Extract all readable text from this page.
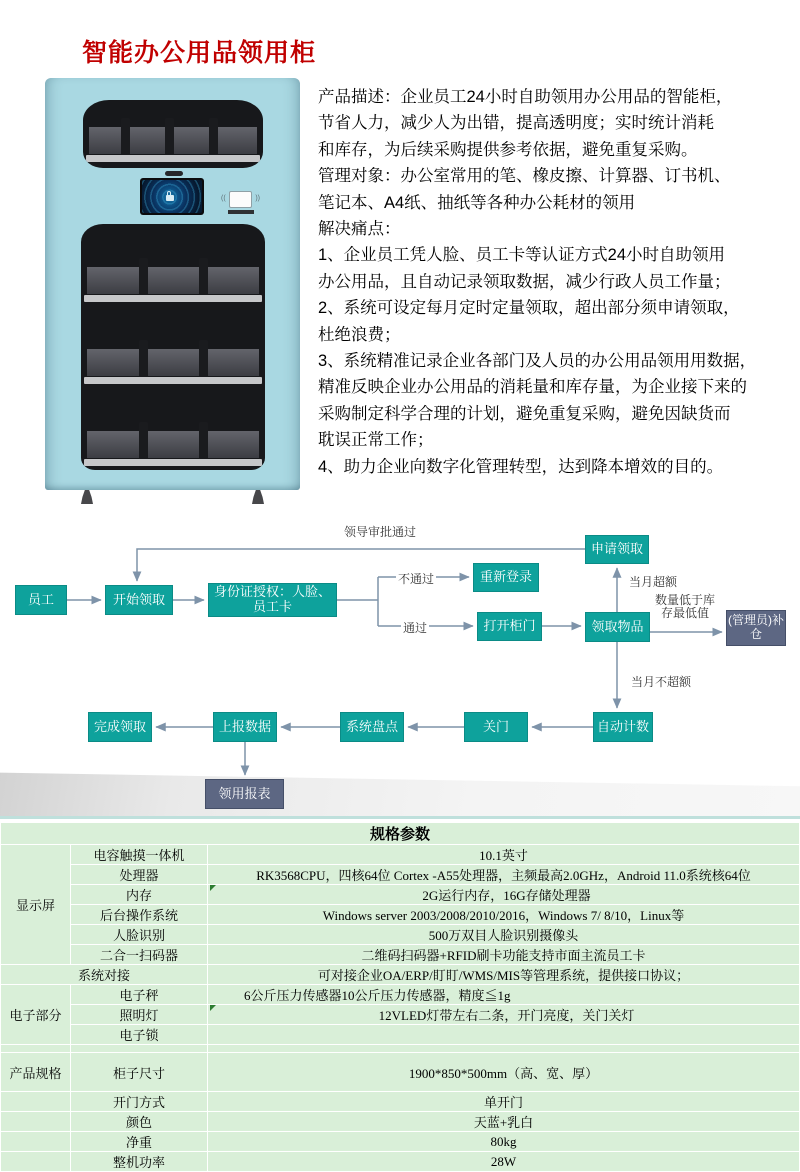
智能办公用品领用柜
(( ))
产品描述：企业员工24小时自助领用办公用品的智能柜，
节省人力，减少人为出错，提高透明度；实时统计消耗
和库存，为后续采购提供参考依据，避免重复采购。
管理对象：办公室常用的笔、橡皮擦、计算器、订书机、
笔记本、A4纸、抽纸等各种办公耗材的领用
解决痛点：
1、企业员工凭人脸、员工卡等认证方式24小时自助领用
办公用品，且自动记录领取数据，减少行政人员工作量；
2、系统可设定每月定时定量领取，超出部分须申请领取，
杜绝浪费；
3、系统精准记录企业各部门及人员的办公用品领用用数据，
精准反映企业办公用品的消耗量和库存量，为企业接下来的
采购制定科学合理的计划，避免重复采购，避免因缺货而
耽误正常工作；
4、助力企业向数字化管理转型，达到降本增效的目的。
员工	开始领取	身份证授权：人脸、员工卡
重新登录
打开柜门
申请领取
领取物品	(管理员)补仓
自动计数
关门
系统盘点
上报数据
完成领取
领用报表
领导审批通过
不通过
通过
当月超额
数量低于库存最低值
当月不超额
规格参数		
显示屏	电容触摸一体机	10.1英寸
	处理器	RK3568CPU，四核64位 Cortex -A55处理器，主频最高2.0GHz，Android 11.0系统核64位
	内存	2G运行内存，16G存储处理器
	后台操作系统	Windows server 2003/2008/2010/2016，Windows 7/ 8/10，Linux等
	人脸识别	500万双目人脸识别摄像头
	二合一扫码器	二维码扫码器+RFID刷卡功能支持市面主流员工卡
系统对接		可对接企业OA/ERP/盯盯/WMS/MIS等管理系统，提供接口协议；
电子部分	电子秤	6公斤压力传感器10公斤压力传感器，精度≦1g
	照明灯	12VLED灯带左右二条，开门亮度，关门关灯
	电子锁	

产品规格	柜子尺寸	1900*850*500mm（高、宽、厚）
	开门方式	单开门
	颜色	天蓝+乳白
	净重	80kg
	整机功率	28W
